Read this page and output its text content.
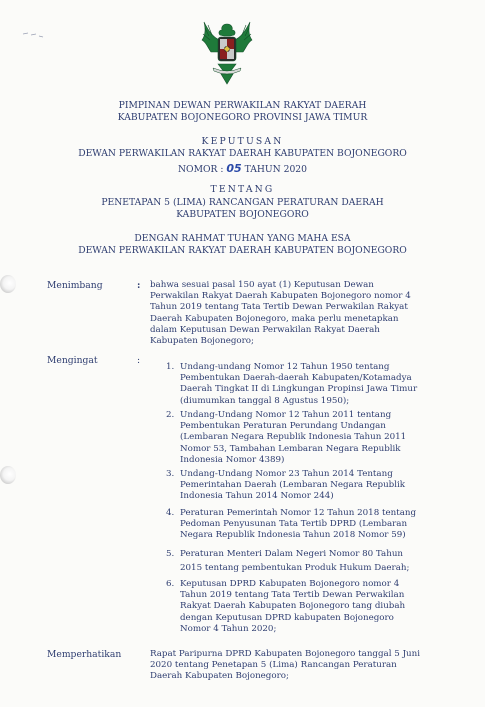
PIMPINAN DEWAN PERWAKILAN RAKYAT DAERAH
KABUPATEN BOJONEGORO PROVINSI JAWA TIMUR
KEPUTUSAN
DEWAN PERWAKILAN RAKYAT DAERAH KABUPATEN BOJONEGORO
NOMOR : 05 TAHUN 2020
TENTANG
PENETAPAN 5 (LIMA) RANCANGAN PERATURAN DAERAH
KABUPATEN BOJONEGORO
DENGAN RAHMAT TUHAN YANG MAHA ESA
DEWAN PERWAKILAN RAKYAT DAERAH KABUPATEN BOJONEGORO
Menimbang	: bahwa sesuai pasal 150 ayat (1) Keputusan Dewan
Perwakilan Rakyat Daerah Kabupaten Bojonegoro nomor 4
Tahun 2019 tentang Tata Tertib Dewan Perwakilan Rakyat
Daerah Kabupaten Bojonegoro, maka perlu menetapkan
dalam Keputusan Dewan Perwakilan Rakyat Daerah
Kabupaten Bojonegoro;
Mengingat	:
1. Undang-undang Nomor 12 Tahun 1950 tentang
Pembentukan Daerah-daerah Kabupaten/Kotamadya
Daerah Tingkat II di Lingkungan Propinsi Jawa Timur
(diumumkan tanggal 8 Agustus 1950);
2. Undang-Undang Nomor 12 Tahun 2011 tentang
Pembentukan Peraturan Perundang Undangan
(Lembaran Negara Republik Indonesia Tahun 2011
Nomor 53, Tambahan Lembaran Negara Republik
Indonesia Nomor 4389)
3. Undang-Undang Nomor 23 Tahun 2014 Tentang
Pemerintahan Daerah (Lembaran Negara Republik
Indonesia Tahun 2014 Nomor 244)
4. Peraturan Pemerintah Nomor 12 Tahun 2018 tentang
Pedoman Penyusunan Tata Tertib DPRD (Lembaran
Negara Republik Indonesia Tahun 2018 Nomor 59)
5. Peraturan Menteri Dalam Negeri Nomor 80 Tahun
2015 tentang pembentukan Produk Hukum Daerah;
6. Keputusan DPRD Kabupaten Bojonegoro nomor 4
Tahun 2019 tentang Tata Tertib Dewan Perwakilan
Rakyat Daerah Kabupaten Bojonegoro tang diubah
dengan Keputusan DPRD kabupaten Bojonegoro
Nomor 4 Tahun 2020;
Memperhatikan	Rapat Paripurna DPRD Kabupaten Bojonegoro tanggal 5 Juni
2020 tentang Penetapan 5 (Lima) Rancangan Peraturan
Daerah Kabupaten Bojonegoro;
